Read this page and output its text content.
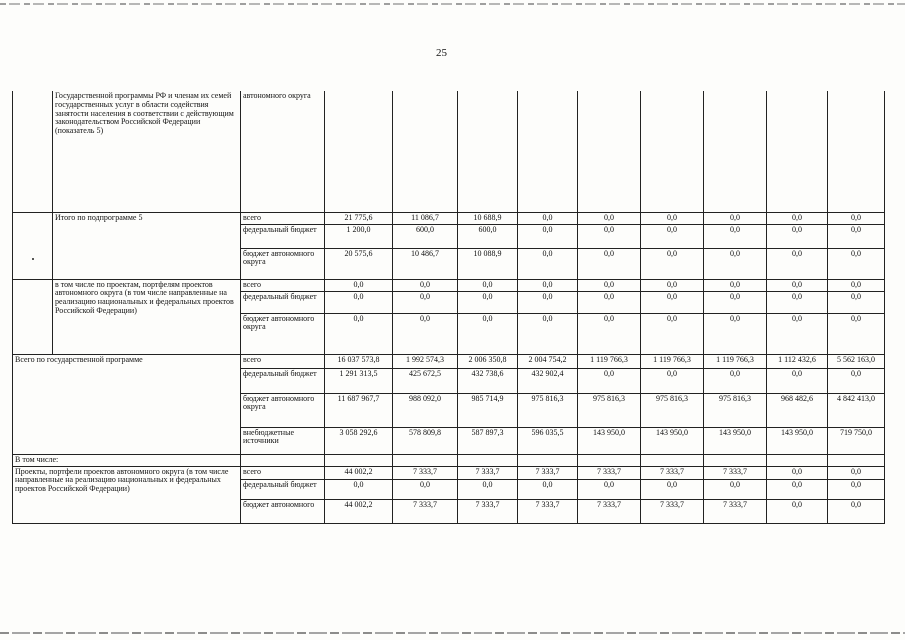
25
	Государственной программы РФ и членам их семей государственных услуг в области содействия занятости населения в соответствии с действующим законодательством Российской Федерации (показатель 5)	автономного округа									
	Итого по подпрограмме 5	всего	21 775,6	11 086,7	10 688,9	0,0	0,0	0,0	0,0	0,0	0,0
		федеральный бюджет	1 200,0	600,0	600,0	0,0	0,0	0,0	0,0	0,0	0,0
		бюджет автономного округа	20 575,6	10 486,7	10 088,9	0,0	0,0	0,0	0,0	0,0	0,0
	в том числе по проектам, портфелям проектов автономного округа (в том числе направленные на реализацию национальных и федеральных проектов Российской Федерации)	всего	0,0	0,0	0,0	0,0	0,0	0,0	0,0	0,0	0,0
		федеральный бюджет	0,0	0,0	0,0	0,0	0,0	0,0	0,0	0,0	0,0
		бюджет автономного округа	0,0	0,0	0,0	0,0	0,0	0,0	0,0	0,0	0,0
Всего по государственной программе		всего	16 037 573,8	1 992 574,3	2 006 350,8	2 004 754,2	1 119 766,3	1 119 766,3	1 119 766,3	1 112 432,6	5 562 163,0
		федеральный бюджет	1 291 313,5	425 672,5	432 738,6	432 902,4	0,0	0,0	0,0	0,0	0,0
		бюджет автономного округа	11 687 967,7	988 092,0	985 714,9	975 816,3	975 816,3	975 816,3	975 816,3	968 482,6	4 842 413,0
		внебюджетные источники	3 058 292,6	578 809,8	587 897,3	596 035,5	143 950,0	143 950,0	143 950,0	143 950,0	719 750,0
В том числе:											
Проекты, портфели проектов автономного округа (в том числе направленные на реализацию национальных и федеральных проектов Российской Федерации)		всего	44 002,2	7 333,7	7 333,7	7 333,7	7 333,7	7 333,7	7 333,7	0,0	0,0
		федеральный бюджет	0,0	0,0	0,0	0,0	0,0	0,0	0,0	0,0	0,0
		бюджет автономного	44 002,2	7 333,7	7 333,7	7 333,7	7 333,7	7 333,7	7 333,7	0,0	0,0
